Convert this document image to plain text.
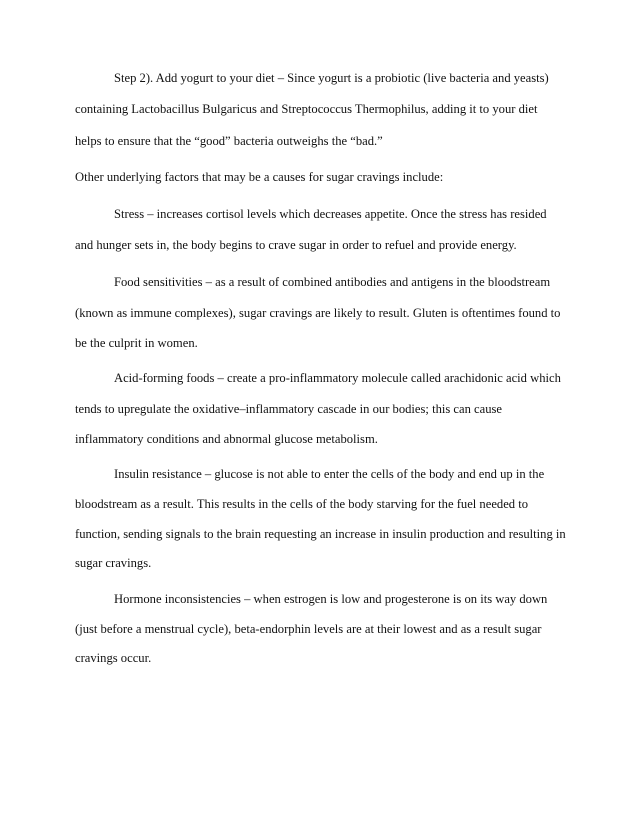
Step 2). Add yogurt to your diet – Since yogurt is a probiotic (live bacteria and yeasts)
containing Lactobacillus Bulgaricus and Streptococcus Thermophilus, adding it to your diet
helps to ensure that the “good” bacteria outweighs the “bad.”
Other underlying factors that may be a causes for sugar cravings include:
Stress – increases cortisol levels which decreases appetite. Once the stress has resided
and hunger sets in, the body begins to crave sugar in order to refuel and provide energy.
Food sensitivities – as a result of combined antibodies and antigens in the bloodstream
(known as immune complexes), sugar cravings are likely to result. Gluten is oftentimes found to
be the culprit in women.
Acid-forming foods – create a pro-inflammatory molecule called arachidonic acid which
tends to upregulate the oxidative–inflammatory cascade in our bodies; this can cause
inflammatory conditions and abnormal glucose metabolism.
Insulin resistance – glucose is not able to enter the cells of the body and end up in the
bloodstream as a result. This results in the cells of the body starving for the fuel needed to
function, sending signals to the brain requesting an increase in insulin production and resulting in
sugar cravings.
Hormone inconsistencies – when estrogen is low and progesterone is on its way down
(just before a menstrual cycle), beta-endorphin levels are at their lowest and as a result sugar
cravings occur.
